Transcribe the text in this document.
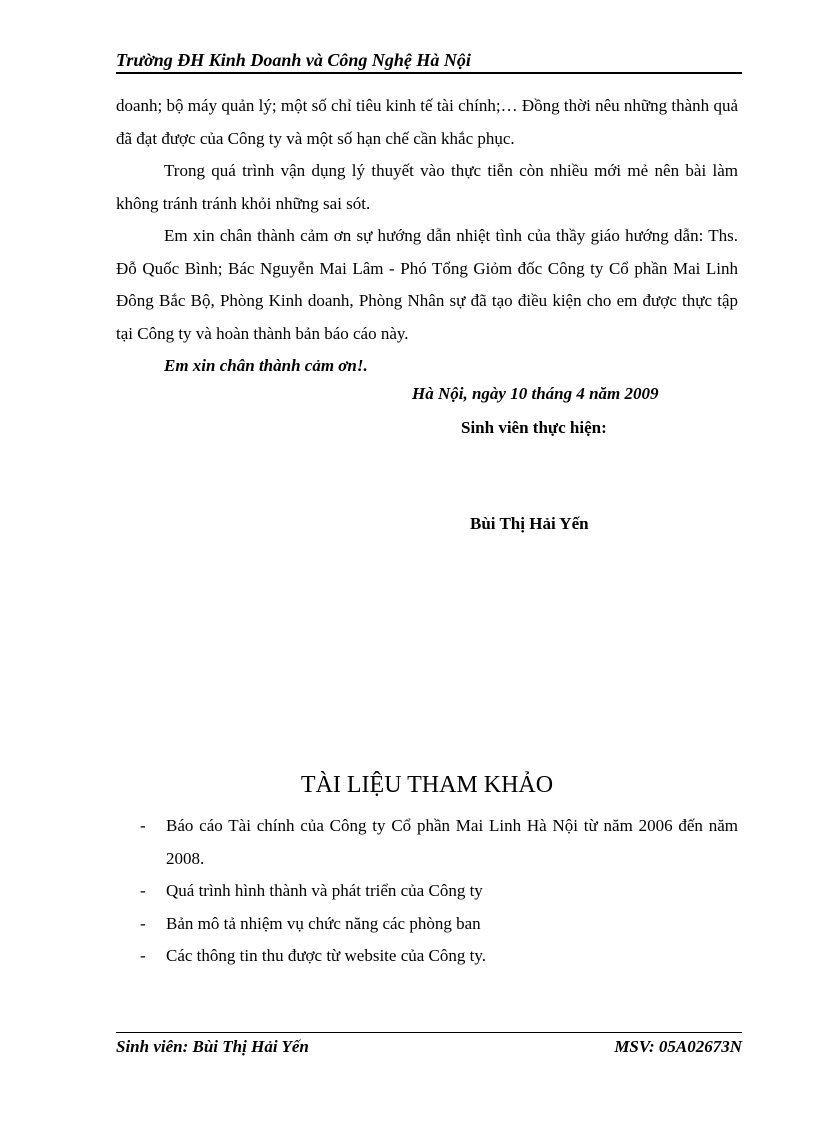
Trường ĐH Kinh Doanh và Công Nghệ Hà Nội

doanh; bộ máy quản lý; một số chỉ tiêu kinh tế tài chính;… Đồng thời nêu những thành quả đã đạt được của Công ty và một số hạn chế cần khắc phục.

Trong quá trình vận dụng lý thuyết vào thực tiễn còn nhiều mới mẻ nên bài làm không tránh tránh khỏi những sai sót.

Em xin chân thành cảm ơn sự hướng dẫn nhiệt tình của thầy giáo hướng dẫn: Ths. Đỗ Quốc Bình; Bác Nguyễn Mai Lâm - Phó Tổng Giỏm đốc Công ty Cổ phần Mai Linh Đông Bắc Bộ, Phòng Kinh doanh, Phòng Nhân sự đã tạo điều kiện cho em được thực tập tại Công ty và hoàn thành bản báo cáo này.

Em xin chân thành cảm ơn!.

Hà Nội, ngày 10 tháng 4 năm 2009
Sinh viên thực hiện:
Bùi Thị Hải Yến
TÀI LIỆU THAM KHẢO
- Báo cáo Tài chính của Công ty Cổ phần Mai Linh Hà Nội từ năm 2006 đến năm 2008.
- Quá trình hình thành và phát triển của Công ty
- Bản mô tả nhiệm vụ chức năng các phòng ban
- Các thông tin thu được từ website của Công ty.
Sinh viên: Bùi Thị Hải Yến	MSV: 05A02673N
